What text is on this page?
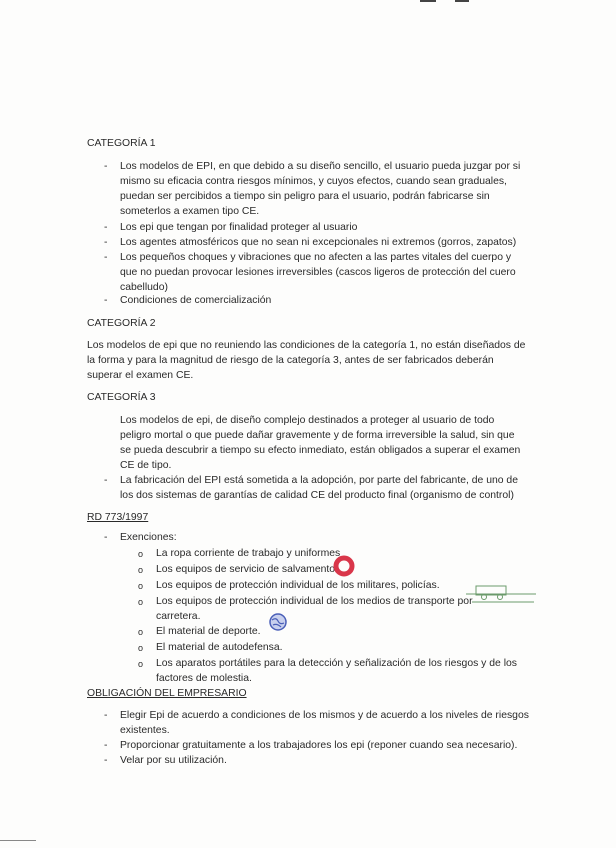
CATEGORÍA 1
-	Los modelos de EPI, en que debido a su diseño sencillo, el usuario pueda juzgar por si
mismo su eficacia contra riesgos mínimos, y cuyos efectos, cuando sean graduales,
puedan ser percibidos a tiempo sin peligro para el usuario, podrán fabricarse sin
someterlos a examen tipo CE.
-	Los epi que tengan por finalidad proteger al usuario
-	Los agentes atmosféricos que no sean ni excepcionales ni extremos (gorros, zapatos)
-	Los pequeños choques y vibraciones que no afecten a las partes vitales del cuerpo y
que no puedan provocar lesiones irreversibles (cascos ligeros de protección del cuero
cabelludo)
-	Condiciones de comercialización
CATEGORÍA 2
Los modelos de epi que no reuniendo las condiciones de la categoría 1, no están diseñados de
la forma y para la magnitud de riesgo de la categoría 3, antes de ser fabricados deberán
superar el examen CE.
CATEGORÍA 3
Los modelos de epi, de diseño complejo destinados a proteger al usuario de todo
peligro mortal o que puede dañar gravemente y de forma irreversible la salud, sin que
se pueda descubrir a tiempo su efecto inmediato, están obligados a superar el examen
CE de tipo.
-	La fabricación del EPI está sometida a la adopción, por parte del fabricante, de uno de
los dos sistemas de garantías de calidad CE del producto final (organismo de control)
RD 773/1997
-	Exenciones:
o La ropa corriente de trabajo y uniformes
o Los equipos de servicio de salvamento
o Los equipos de protección individual de los militares, policías.
o Los equipos de protección individual de los medios de transporte por
carretera.
o El material de deporte.
o El material de autodefensa.
o Los aparatos portátiles para la detección y señalización de los riesgos y de los
factores de molestia.
OBLIGACIÓN DEL EMPRESARIO
-	Elegir Epi de acuerdo a condiciones de los mismos y de acuerdo a los niveles de riesgos
existentes.
-	Proporcionar gratuitamente a los trabajadores los epi (reponer cuando sea necesario).
-	Velar por su utilización.
